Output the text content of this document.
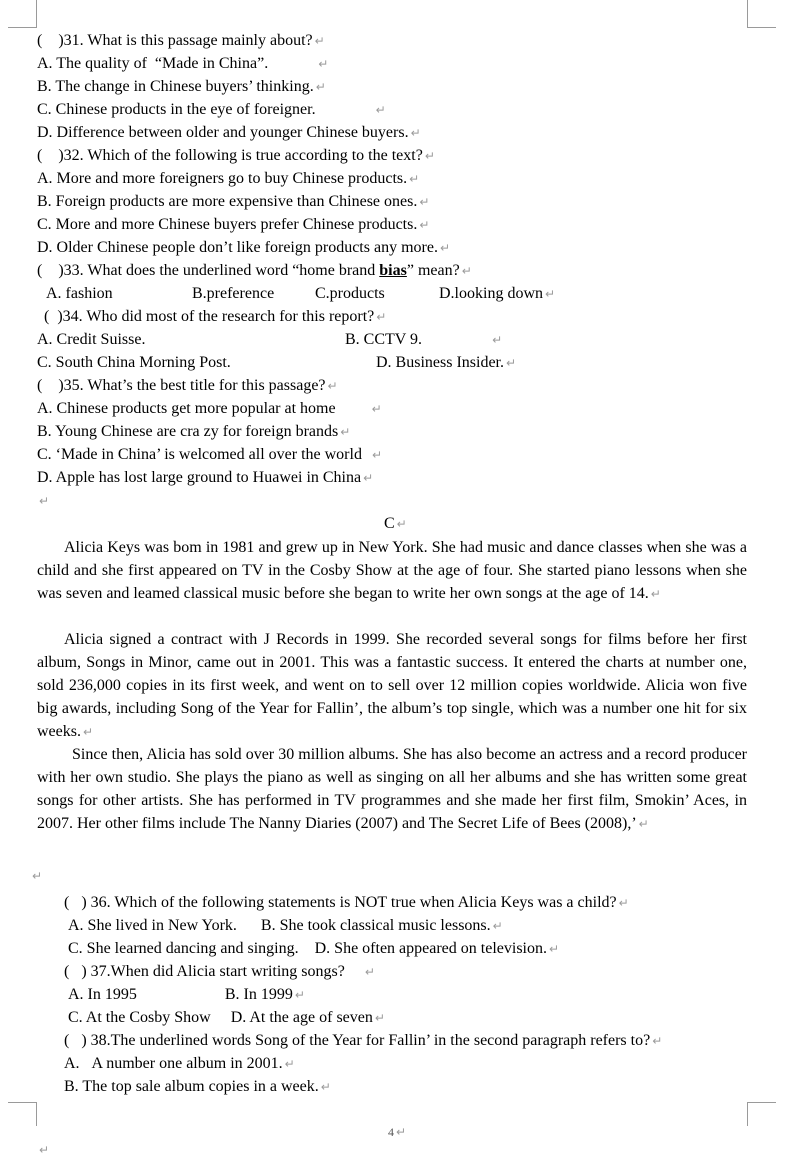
(    )31. What is this passage mainly about? ↵
A. The quality of  “Made in China”.	↵
B. The change in Chinese buyers’ thinking. ↵
C. Chinese products in the eye of foreigner.	↵
D. Difference between older and younger Chinese buyers. ↵
(    )32. Which of the following is true according to the text? ↵
A. More and more foreigners go to buy Chinese products. ↵
B. Foreign products are more expensive than Chinese ones. ↵
C. More and more Chinese buyers prefer Chinese products. ↵
D. Older Chinese people don’t like foreign products any more. ↵
(    )33. What does the underlined word “home brand bias” mean? ↵
A. fashion	B.preference	C.products	D.looking down ↵
(  )34. Who did most of the research for this report? ↵
A. Credit Suisse.	B. CCTV 9.	↵
C. South China Morning Post.	D. Business Insider. ↵
(    )35. What’s the best title for this passage? ↵
A. Chinese products get more popular at home	↵
B. Young Chinese are cra zy for foreign brands ↵
C. ‘Made in China’ is welcomed all over the world ↵
D. Apple has lost large ground to Huawei in China ↵
↵
C ↵
Alicia Keys was bom in 1981 and grew up in New York. She had music and dance classes when she was a child and she first appeared on TV in the Cosby Show at the age of four. She started piano lessons when she was seven and leamed classical music before she began to write her own songs at the age of 14. ↵
Alicia signed a contract with J Records in 1999. She recorded several songs for films before her first album, Songs in Minor, came out in 2001. This was a fantastic success. It entered the charts at number one, sold 236,000 copies in its first week, and went on to sell over 12 million copies worldwide. Alicia won five big awards, including Song of the Year for Fallin’, the album’s top single, which was a number one hit for six weeks. ↵
Since then, Alicia has sold over 30 million albums. She has also become an actress and a record producer with her own studio. She plays the piano as well as singing on all her albums and she has written some great songs for other artists. She has performed in TV programmes and she made her first film, Smokin’ Aces, in 2007. Her other films include The Nanny Diaries (2007) and The Secret Life of Bees (2008),’ ↵
↵
(   ) 36. Which of the following statements is NOT true when Alicia Keys was a child? ↵
A. She lived in New York.      B. She took classical music lessons. ↵
C. She learned dancing and singing.    D. She often appeared on television. ↵
(   ) 37.When did Alicia start writing songs? ↵
A. In 1995                      B. In 1999 ↵
C. At the Cosby Show     D. At the age of seven ↵
(   ) 38.The underlined words Song of the Year for Fallin’ in the second paragraph refers to? ↵
A.   A number one album in 2001. ↵
B. The top sale album copies in a week. ↵
4 ↵
↵
